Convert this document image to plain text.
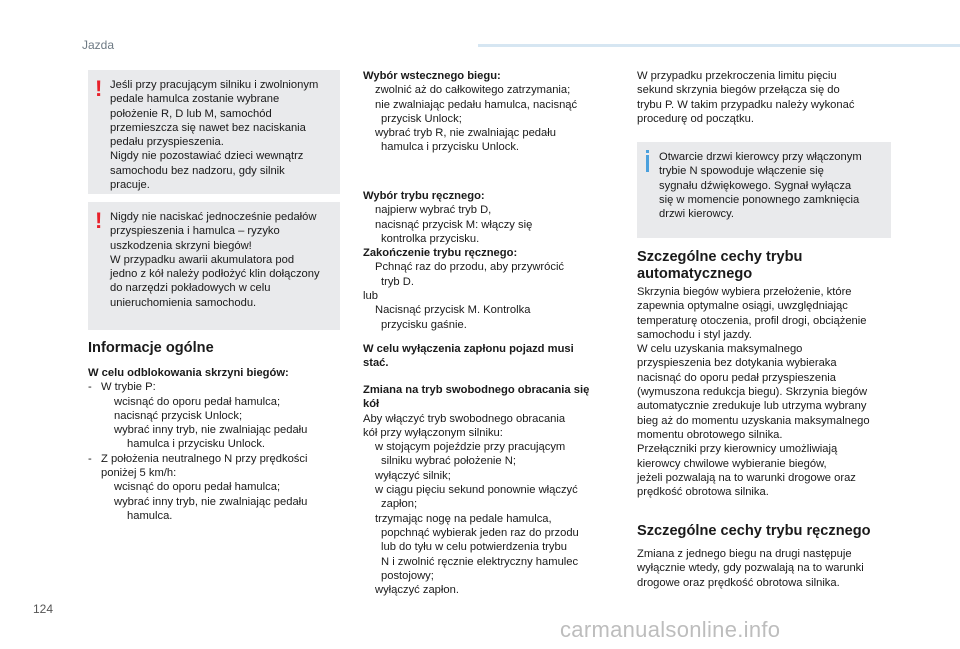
Jazda
! Jeśli przy pracującym silniku i zwolnionym

pedale hamulca zostanie wybrane

położenie R, D lub M, samochód

przemieszcza się nawet bez naciskania

pedału przyspieszenia.

Nigdy nie pozostawiać dzieci wewnątrz

samochodu bez nadzoru, gdy silnik

pracuje.

! Nigdy nie naciskać jednocześnie pedałów

przyspieszenia i hamulca – ryzyko

uszkodzenia skrzyni biegów!

W przypadku awarii akumulatora pod

jedno z kół należy podłożyć klin dołączony

do narzędzi pokładowych w celu

unieruchomienia samochodu.

Informacje ogólne

W celu odblokowania skrzyni biegów:

- W trybie P:
wcisnąć do oporu pedał hamulca;
nacisnąć przycisk Unlock;
wybrać inny tryb, nie zwalniając pedału
hamulca i przycisku Unlock.
- Z położenia neutralnego N przy prędkości
poniżej 5 km/h:
wcisnąć do oporu pedał hamulca;
wybrać inny tryb, nie zwalniając pedału
hamulca.

Wybór wstecznego biegu:

zwolnić aż do całkowitego zatrzymania;
nie zwalniając pedału hamulca, nacisnąć
przycisk Unlock;
wybrać tryb R, nie zwalniając pedału
hamulca i przycisku Unlock.

Wybór trybu ręcznego:

najpierw wybrać tryb D,
nacisnąć przycisk M: włączy się
kontrolka przycisku.

Zakończenie trybu ręcznego:

Pchnąć raz do przodu, aby przywrócić
tryb D.

lub

Nacisnąć przycisk M. Kontrolka
przycisku gaśnie.

W celu wyłączenia zapłonu pojazd musi

stać.

Zmiana na tryb swobodnego obracania się

kół

Aby włączyć tryb swobodnego obracania

kół przy wyłączonym silniku:

w stojącym pojeździe przy pracującym
silniku wybrać położenie N;
wyłączyć silnik;
w ciągu pięciu sekund ponownie włączyć
zapłon;
trzymając nogę na pedale hamulca,
popchnąć wybierak jeden raz do przodu
lub do tyłu w celu potwierdzenia trybu
N i zwolnić ręcznie elektryczny hamulec
postojowy;
wyłączyć zapłon.

W przypadku przekroczenia limitu pięciu

sekund skrzynia biegów przełącza się do

trybu P. W takim przypadku należy wykonać

procedurę od początku.

Otwarcie drzwi kierowcy przy włączonym

trybie N spowoduje włączenie się

sygnału dźwiękowego. Sygnał wyłącza

się w momencie ponownego zamknięcia

drzwi kierowcy.

Szczególne cechy trybu
automatycznego

Skrzynia biegów wybiera przełożenie, które

zapewnia optymalne osiągi, uwzględniając

temperaturę otoczenia, profil drogi, obciążenie

samochodu i styl jazdy.

W celu uzyskania maksymalnego

przyspieszenia bez dotykania wybieraka

nacisnąć do oporu pedał przyspieszenia

(wymuszona redukcja biegu). Skrzynia biegów

automatycznie zredukuje lub utrzyma wybrany

bieg aż do momentu uzyskania maksymalnego

momentu obrotowego silnika.

Przełączniki przy kierownicy umożliwiają

kierowcy chwilowe wybieranie biegów,

jeżeli pozwalają na to warunki drogowe oraz

prędkość obrotowa silnika.

Szczególne cechy trybu ręcznego

Zmiana z jednego biegu na drugi następuje

wyłącznie wtedy, gdy pozwalają na to warunki

drogowe oraz prędkość obrotowa silnika.

124
carmanualsonline.info
